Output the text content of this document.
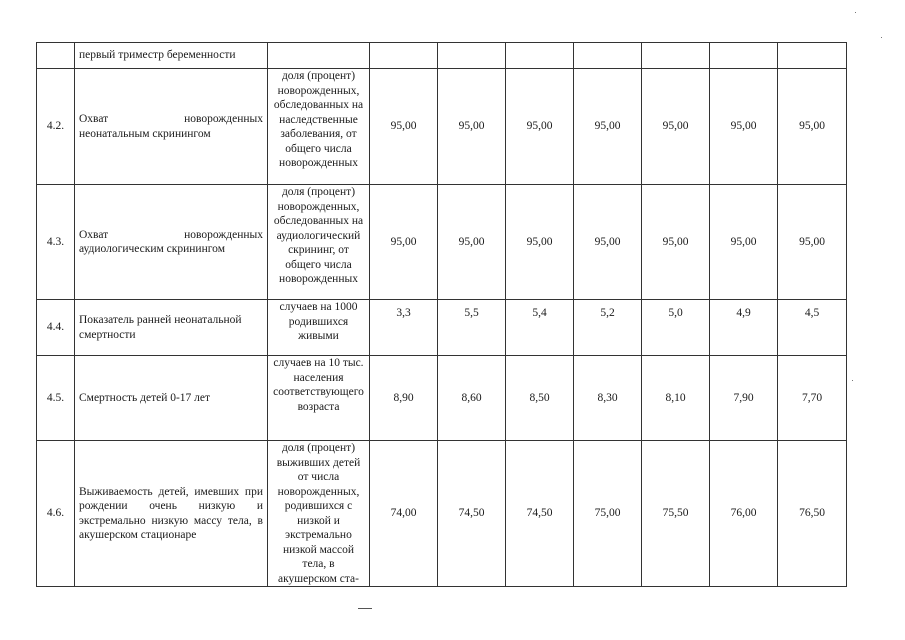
	первый триместр беременности								
4.2.	Охват новорожденных неонатальным скринингом	доля (процент) новорожденных, обследованных на наследственные заболевания, от общего числа новорожденных	95,00	95,00	95,00	95,00	95,00	95,00	95,00
4.3.	Охват новорожденных аудиологическим скринингом	доля (процент) новорожденных, обследованных на аудиологический скрининг, от общего числа новорожденных	95,00	95,00	95,00	95,00	95,00	95,00	95,00
4.4.	Показатель ранней неонатальной смертности	случаев на 1000 родившихся живыми	3,3	5,5	5,4	5,2	5,0	4,9	4,5
4.5.	Смертность детей 0-17 лет	случаев на 10 тыс. населения соответствующего возраста	8,90	8,60	8,50	8,30	8,10	7,90	7,70
4.6.	Выживаемость детей, имевших при рождении очень низкую и экстремально низкую массу тела, в акушерском стационаре	доля (процент) выживших детей от числа новорожденных, родившихся с низкой и экстремально низкой массой тела, в акушерском ста-	74,00	74,50	74,50	75,00	75,50	76,00	76,50
